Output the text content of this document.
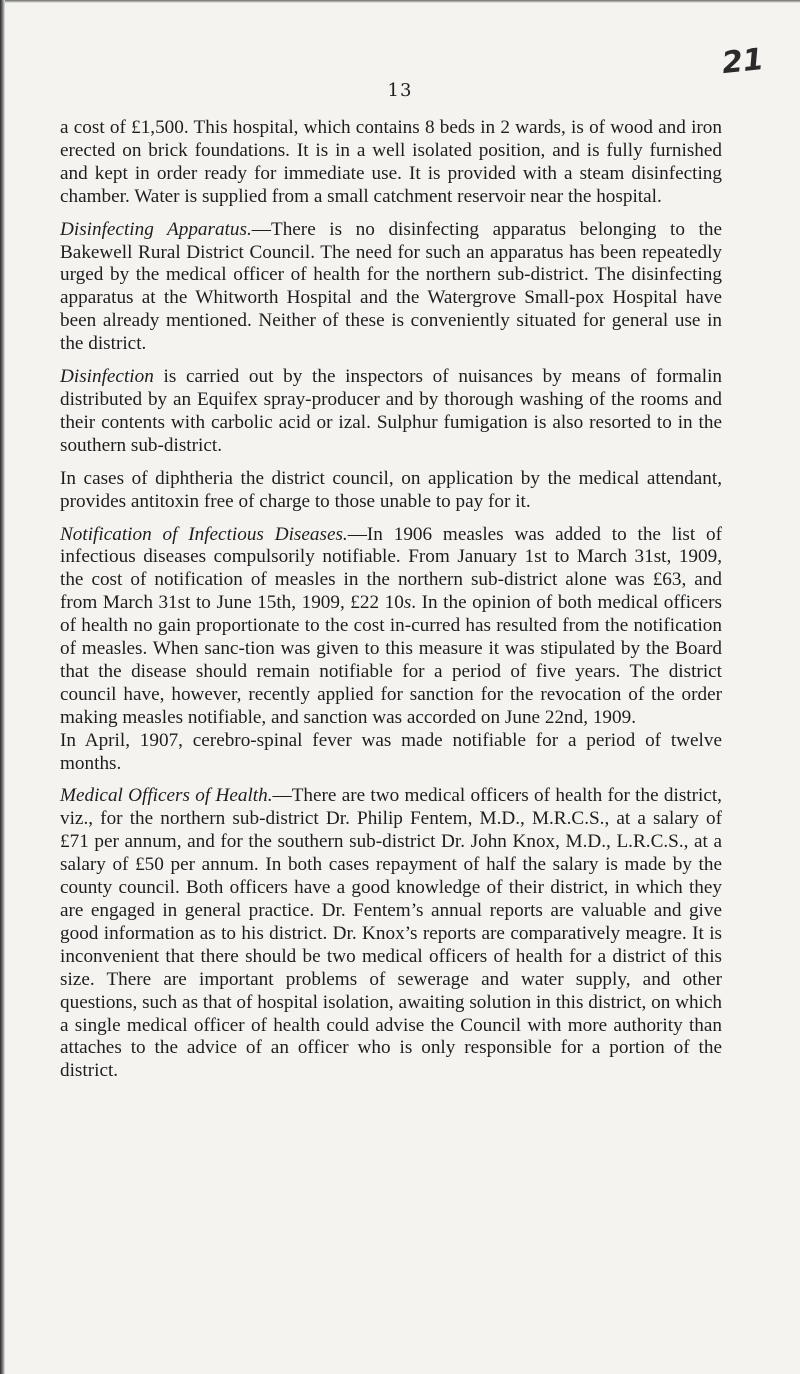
21
13

a cost of £1,500. This hospital, which contains 8 beds in 2 wards, is of wood and iron erected on brick foundations. It is in a well isolated position, and is fully furnished and kept in order ready for immediate use. It is provided with a steam disinfecting chamber. Water is supplied from a small catchment reservoir near the hospital.

Disinfecting Apparatus.—There is no disinfecting apparatus belonging to the Bakewell Rural District Council. The need for such an apparatus has been repeatedly urged by the medical officer of health for the northern sub-district. The disinfecting apparatus at the Whitworth Hospital and the Watergrove Small-pox Hospital have been already mentioned. Neither of these is conveniently situated for general use in the district.

Disinfection is carried out by the inspectors of nuisances by means of formalin distributed by an Equifex spray-producer and by thorough washing of the rooms and their contents with carbolic acid or izal. Sulphur fumigation is also resorted to in the southern sub-district.

In cases of diphtheria the district council, on application by the medical attendant, provides antitoxin free of charge to those unable to pay for it.

Notification of Infectious Diseases.—In 1906 measles was added to the list of infectious diseases compulsorily notifiable. From January 1st to March 31st, 1909, the cost of notification of measles in the northern sub-district alone was £63, and from March 31st to June 15th, 1909, £22 10s. In the opinion of both medical officers of health no gain proportionate to the cost in-curred has resulted from the notification of measles. When sanc-tion was given to this measure it was stipulated by the Board that the disease should remain notifiable for a period of five years. The district council have, however, recently applied for sanction for the revocation of the order making measles notifiable, and sanction was accorded on June 22nd, 1909.

In April, 1907, cerebro-spinal fever was made notifiable for a period of twelve months.

Medical Officers of Health.—There are two medical officers of health for the district, viz., for the northern sub-district Dr. Philip Fentem, M.D., M.R.C.S., at a salary of £71 per annum, and for the southern sub-district Dr. John Knox, M.D., L.R.C.S., at a salary of £50 per annum. In both cases repayment of half the salary is made by the county council. Both officers have a good knowledge of their district, in which they are engaged in general practice. Dr. Fentem’s annual reports are valuable and give good information as to his district. Dr. Knox’s reports are comparatively meagre. It is inconvenient that there should be two medical officers of health for a district of this size. There are important problems of sewerage and water supply, and other questions, such as that of hospital isolation, awaiting solution in this district, on which a single medical officer of health could advise the Council with more authority than attaches to the advice of an officer who is only responsible for a portion of the district.
